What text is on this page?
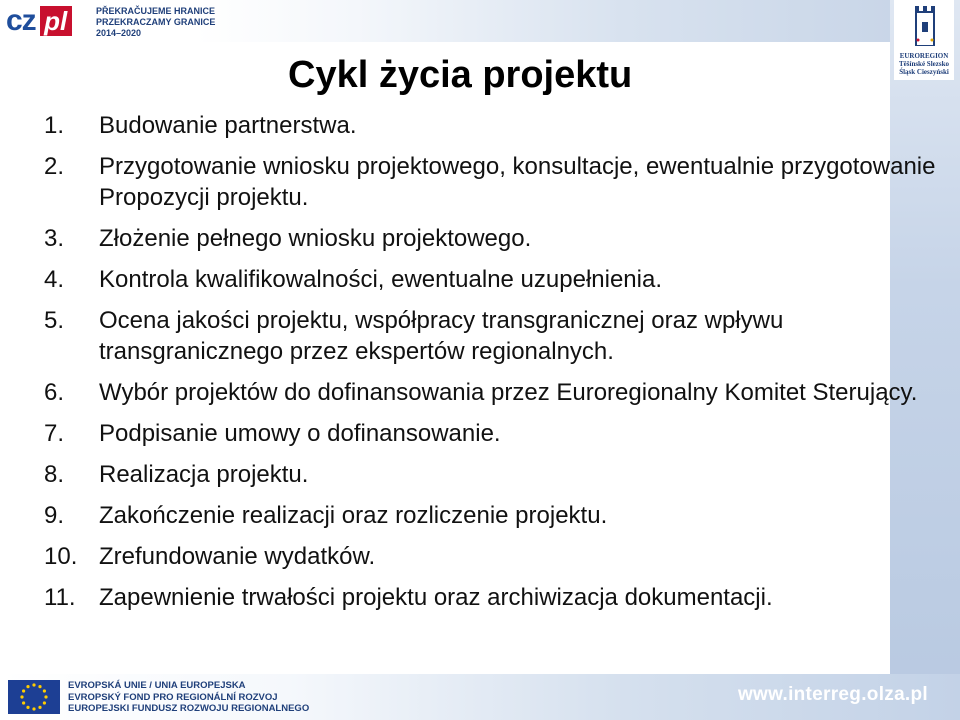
cz pl	PŘEKRAČUJEME HRANICE
PRZEKRACZAMY GRANICE
2014–2020
EUROREGION
Těšínské Slezsko
Śląsk Cieszyński
Cykl życia projektu
1. Budowanie partnerstwa.
2. Przygotowanie wniosku projektowego, konsultacje, ewentualnie przygotowanie Propozycji projektu.
3. Złożenie pełnego wniosku projektowego.
4. Kontrola kwalifikowalności, ewentualne uzupełnienia.
5. Ocena jakości projektu, współpracy transgranicznej oraz wpływu transgranicznego przez ekspertów regionalnych.
6. Wybór projektów do dofinansowania przez Euroregionalny Komitet Sterujący.
7. Podpisanie umowy o dofinansowanie.
8. Realizacja projektu.
9. Zakończenie realizacji oraz rozliczenie projektu.
10. Zrefundowanie wydatków.
11. Zapewnienie trwałości projektu oraz archiwizacja dokumentacji.
EVROPSKÁ UNIE / UNIA EUROPEJSKA
EVROPSKÝ FOND PRO REGIONÁLNÍ ROZVOJ
EUROPEJSKI FUNDUSZ ROZWOJU REGIONALNEGO
www.interreg.olza.pl
